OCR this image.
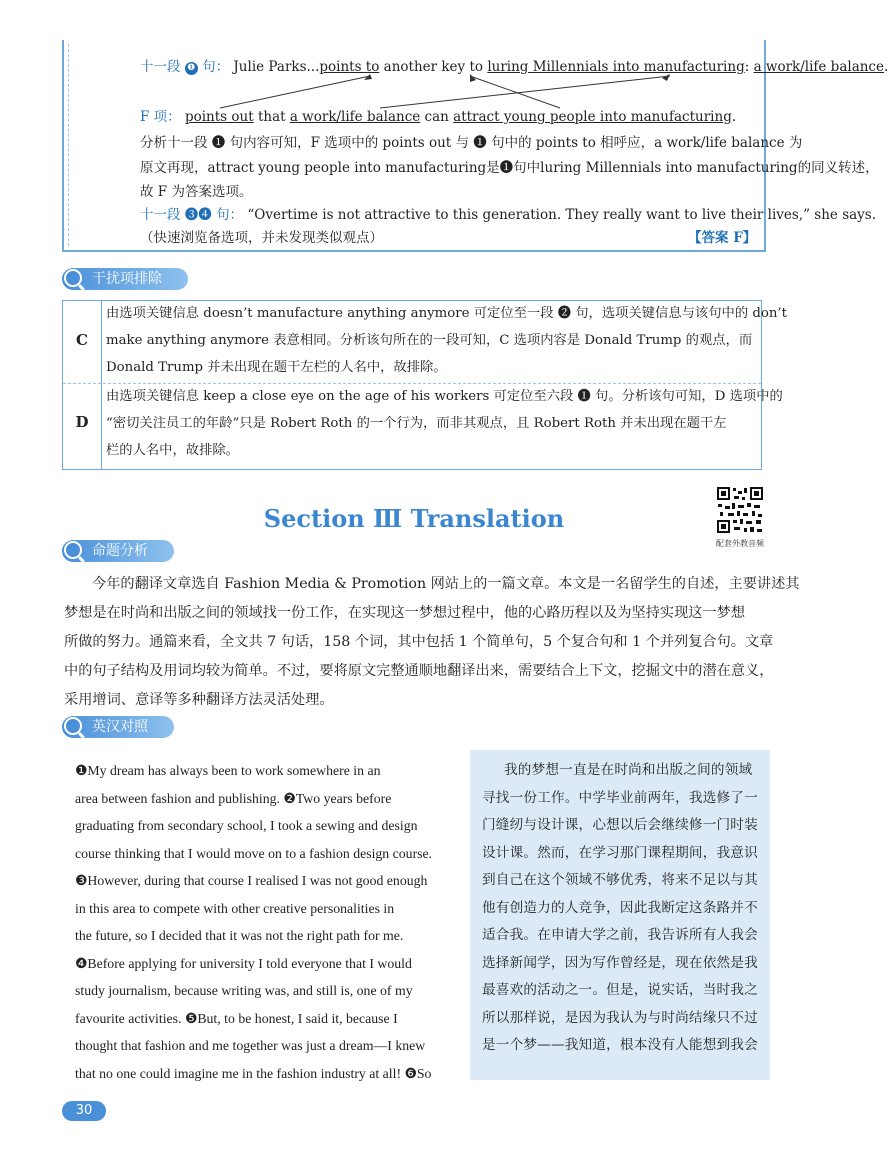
十一段 ❶ 句： Julie Parks...points to another key to luring Millennials into manufacturing: a work/life balance.
F 项： points out that a work/life balance can attract young people into manufacturing.
分析十一段 ❶ 句内容可知，F 选项中的 points out 与 ❶ 句中的 points to 相呼应，a work/life balance 为
原文再现，attract young people into manufacturing是❶句中luring Millennials into manufacturing的同义转述，
故 F 为答案选项。
十一段 ❸❹ 句： “Overtime is not attractive to this generation. They really want to live their lives,” she says.
（快速浏览备选项，并未发现类似观点）	【答案 F】
干扰项排除
C
D
由选项关键信息 doesn’t manufacture anything anymore 可定位至一段 ❷ 句，选项关键信息与该句中的 don’t
make anything anymore 表意相同。分析该句所在的一段可知，C 选项内容是 Donald Trump 的观点，而
Donald Trump 并未出现在题干左栏的人名中，故排除。
由选项关键信息 keep a close eye on the age of his workers 可定位至六段 ❶ 句。分析该句可知，D 选项中的
“密切关注员工的年龄”只是 Robert Roth 的一个行为，而非其观点，且 Robert Roth 并未出现在题干左
栏的人名中，故排除。
Section Ⅲ Translation
配套外教音频
命题分析
今年的翻译文章选自 Fashion Media & Promotion 网站上的一篇文章。本文是一名留学生的自述，主要讲述其
梦想是在时尚和出版之间的领域找一份工作，在实现这一梦想过程中，他的心路历程以及为坚持实现这一梦想
所做的努力。通篇来看，全文共 7 句话，158 个词，其中包括 1 个简单句，5 个复合句和 1 个并列复合句。文章
中的句子结构及用词均较为简单。不过，要将原文完整通顺地翻译出来，需要结合上下文，挖掘文中的潜在意义，
采用增词、意译等多种翻译方法灵活处理。
英汉对照
❶My dream has always been to work somewhere in an
area between fashion and publishing. ❷Two years before
graduating from secondary school, I took a sewing and design
course thinking that I would move on to a fashion design course.
❸However, during that course I realised I was not good enough
in this area to compete with other creative personalities in
the future, so I decided that it was not the right path for me.
❹Before applying for university I told everyone that I would
study journalism, because writing was, and still is, one of my
favourite activities. ❺But, to be honest, I said it, because I
thought that fashion and me together was just a dream—I knew
that no one could imagine me in the fashion industry at all! ❻So
我的梦想一直是在时尚和出版之间的领域
寻找一份工作。中学毕业前两年，我选修了一
门缝纫与设计课，心想以后会继续修一门时装
设计课。然而，在学习那门课程期间，我意识
到自己在这个领域不够优秀，将来不足以与其
他有创造力的人竞争，因此我断定这条路并不
适合我。在申请大学之前，我告诉所有人我会
选择新闻学，因为写作曾经是，现在依然是我
最喜欢的活动之一。但是，说实话，当时我之
所以那样说，是因为我认为与时尚结缘只不过
是一个梦——我知道，根本没有人能想到我会
30
